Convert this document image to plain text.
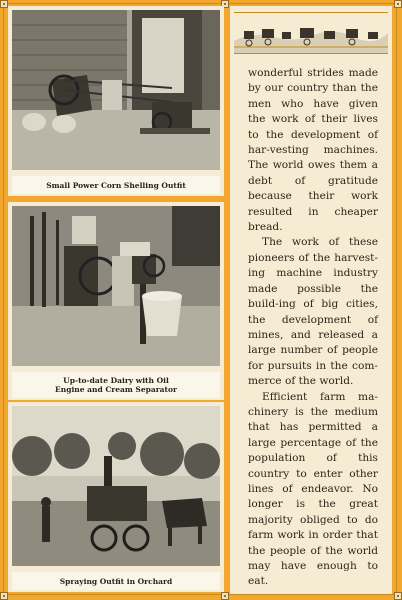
Small Power Corn Shelling Outfit
Up-to-date Dairy with Oil
Engine and Cream Separator
Spraying Outfit in Orchard

wonderful strides made by our country than the men who have given the work of their lives to the development of har-vesting machines. The world owes them a debt of gratitude because their work resulted in cheaper bread.

The work of these pioneers of the harvest-ing machine industry made possible the build-ing of big cities, the development of mines, and released a large number of people for pursuits in the com-merce of the world.

Efficient farm ma-chinery is the medium that has permitted a large percentage of the population of this country to enter other lines of endeavor. No longer is the great majority obliged to do farm work in order that the people of the world may have enough to eat.
